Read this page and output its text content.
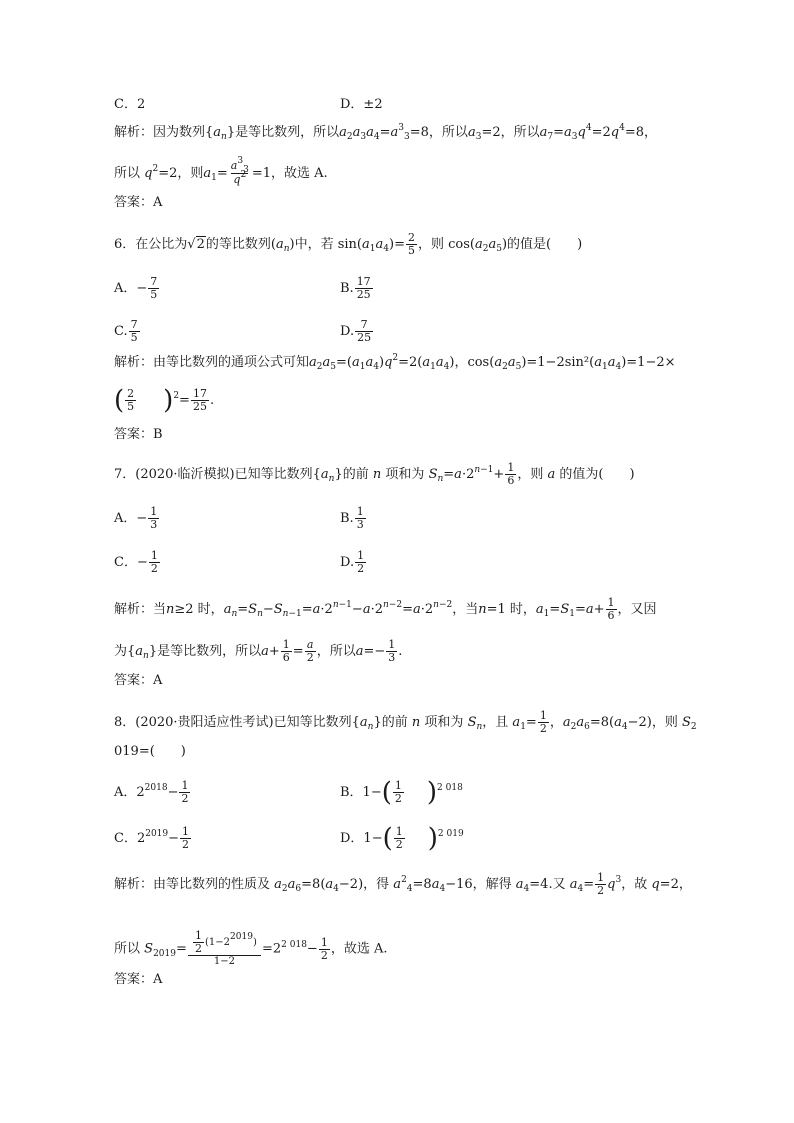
C．2	D．±2
解析：因为数列$\{a_n\}$是等比数列，所以$a_2a_3a_4=a^3_3=8$，所以$a_3=2$，所以$a_7=a_3q^4=2q^4=8$，
所以 $q^2=2$，则$a_1= \frac{a^3_3}{q^2} =1$，故选 A.
答案：A
6．在公比为√2的等比数列$(a_n)$中，若 $\sin(a_1a_4)= \frac{2}{5}$ ，则 $\cos(a_2a_5)$的值是(　　)
A．− $\frac{7}{5}$	B. $\frac{17}{25}$
C. $\frac{7}{5}$	D. $\frac{7}{25}$
解析：由等比数列的通项公式可知$a_2a_5=(a_1a_4)q^2=2(a_1a_4)$，$\cos(a_2a_5)=1-2\sin^2(a_1a_4)=1-2\times$
( $\frac{2}{5} )^2= \frac{17}{25}$ .
答案：B
7．(2020·临沂模拟)已知等比数列$\{a_n\}$的前 n 项和为 $S_n=a\cdot 2^{n-1}+ \frac{1}{6}$ ，则 a 的值为(　　)
A．− $\frac{1}{3}$	B. $\frac{1}{3}$
C．− $\frac{1}{2}$	D. $\frac{1}{2}$
解析：当n≥2 时，$a_n=S_n-S_{n-1}=a\cdot 2^{n-1}-a\cdot 2^{n-2}=a\cdot 2^{n-2}$，当n=1 时，$a_1=S_1=a+ \frac{1}{6}$ ，又因
为$\{a_n\}$是等比数列，所以$a+ \frac{1}{6} = \frac{a}{2}$ ，所以$a=- \frac{1}{3}$ .
答案：A
8．(2020·贵阳适应性考试)已知等比数列$\{a_n\}$的前 n 项和为 $S_n$，且 $a_1= \frac{1}{2}$ ，$a_2a_6=8(a_4-2)$，则 $S_2$
019=(　　)
A．$2^{2018}- \frac{1}{2}$	B．$1-( \frac{1}{2} )^{2 018}$
C．$2^{2019}- \frac{1}{2}$	D．$1-( \frac{1}{2} )^{2 019}$
解析：由等比数列的性质及 $a_2a_6=8(a_4-2)$，得 $a^2_4=8a_4-16$，解得 $a_4=4$.又 $a_4= \frac{1}{2} q^3$，故 q=2，
所以 $S_{2019}= \frac{\frac{1}{2} (1-22019)}{1-2} =2^{2 018}- \frac{1}{2}$ ，故选 A.
答案：A
